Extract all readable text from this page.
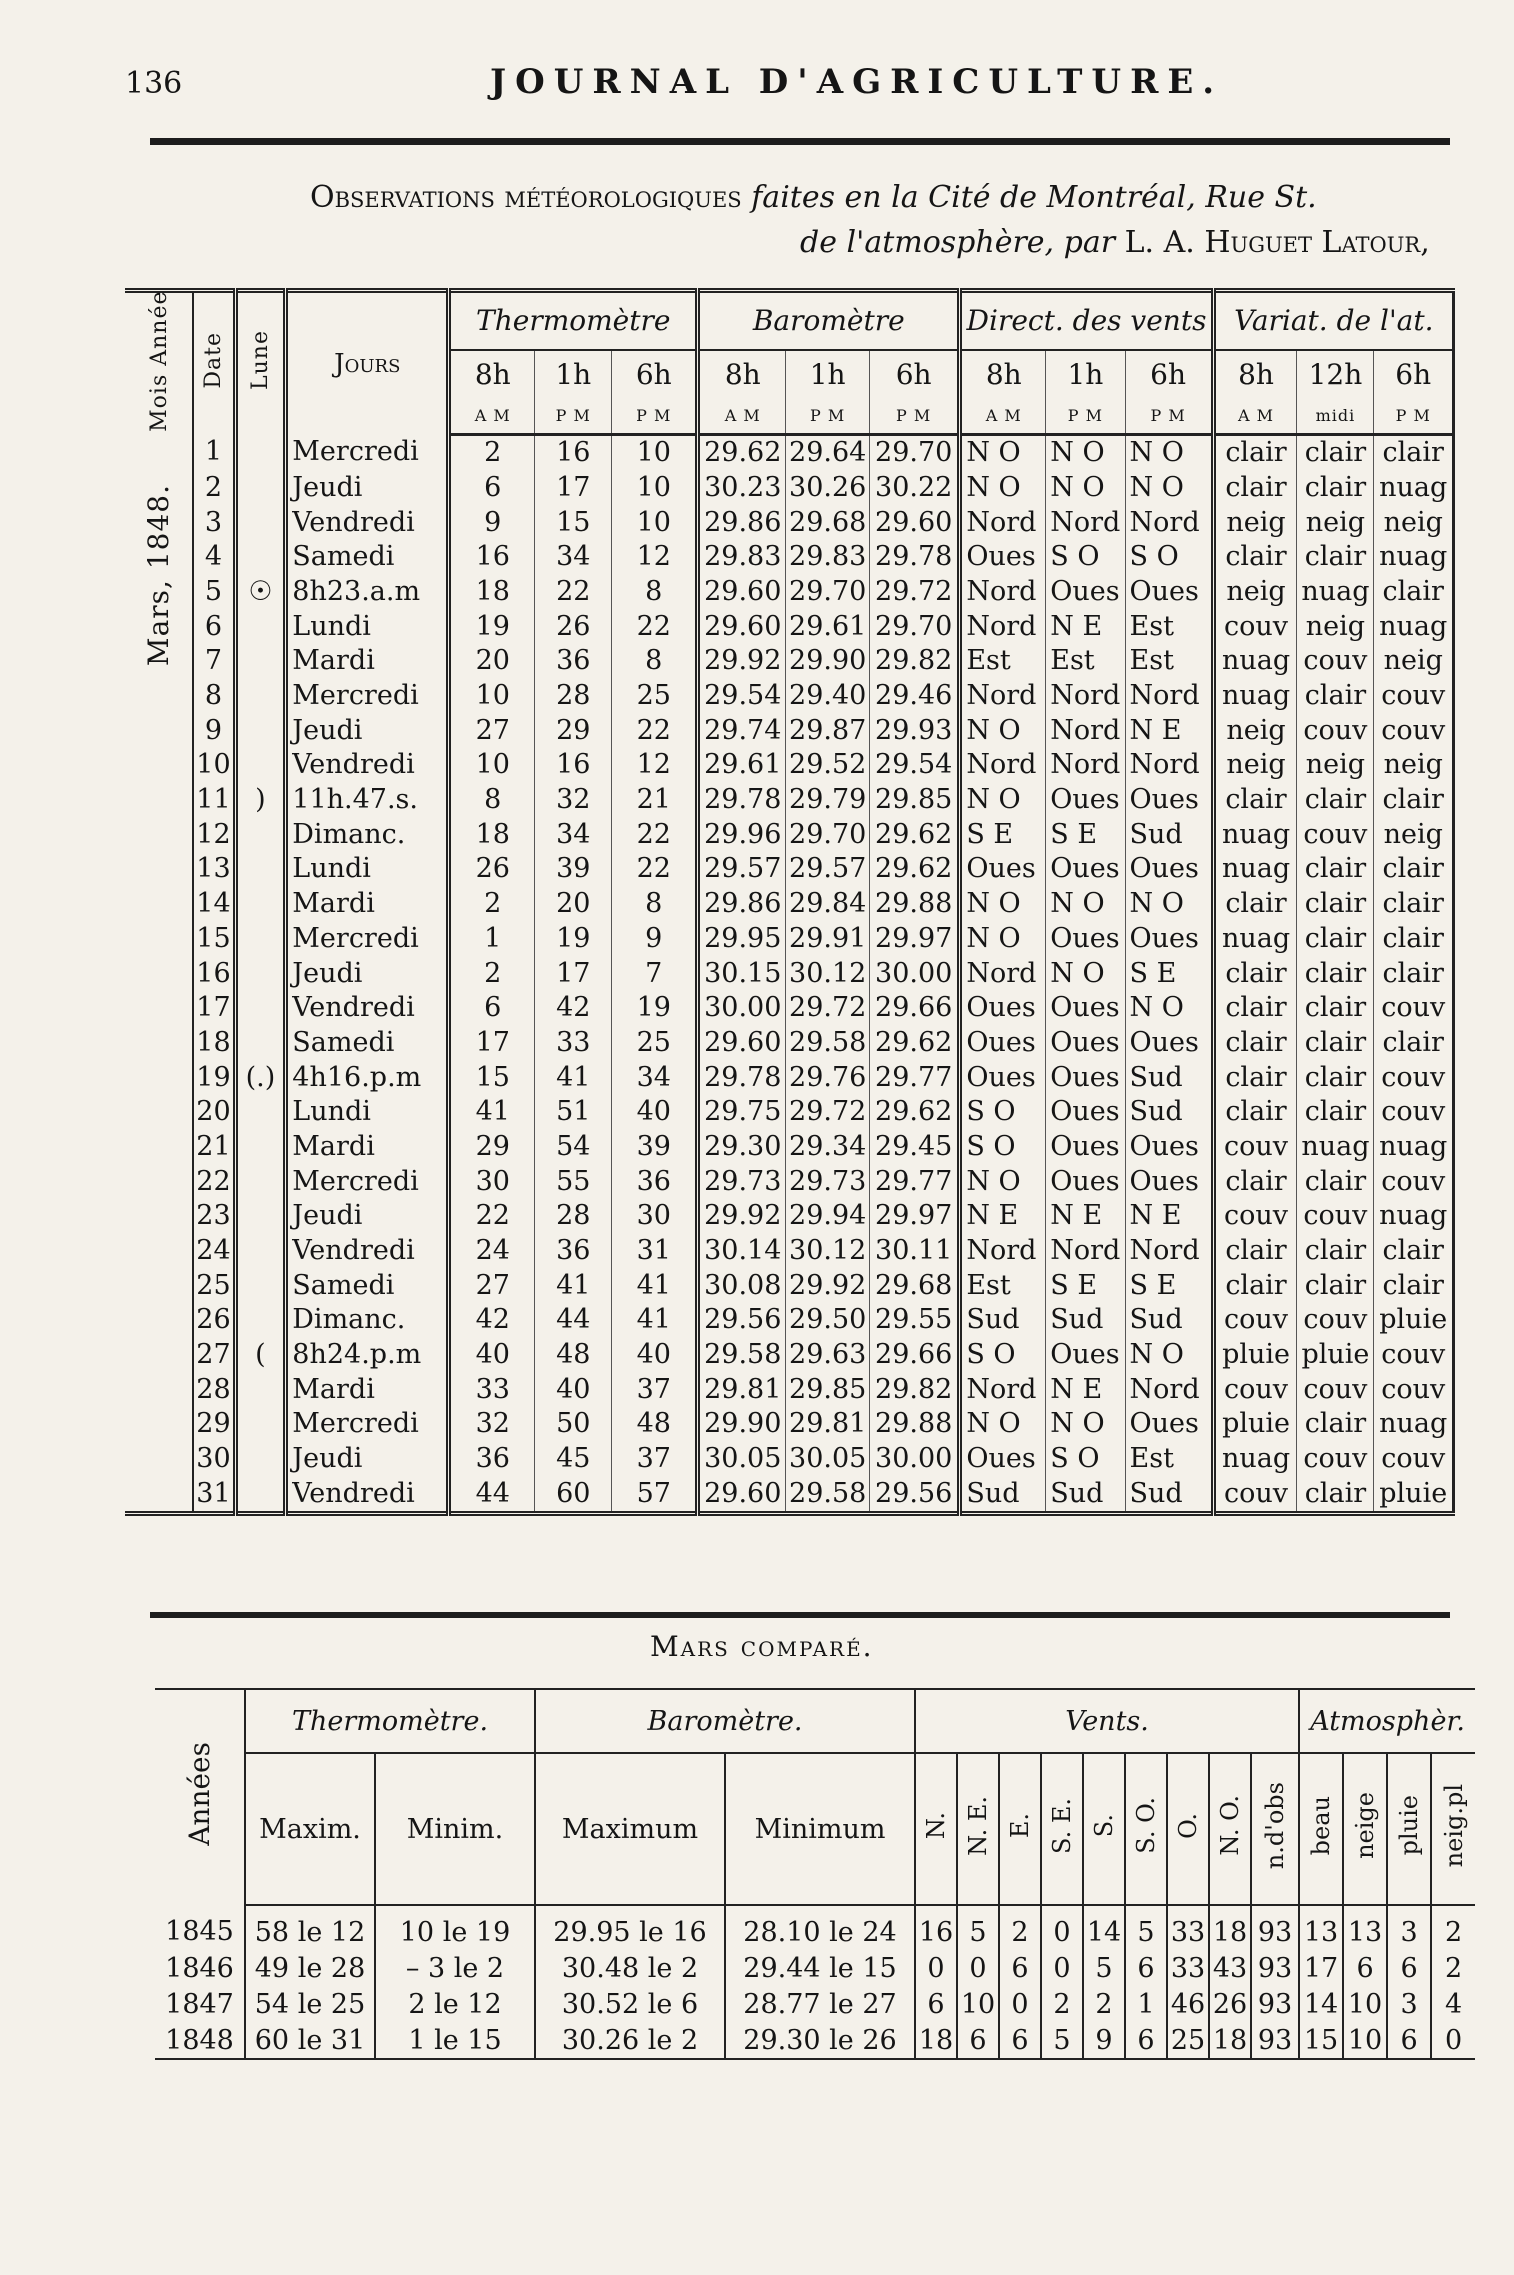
136	JOURNAL D'AGRICULTURE.
Observations météorologiques faites en la Cité de Montréal, Rue St.
de l'atmosphère, par L. A. Huguet Latour,
Mois Année	Date	Lune	Jours	Thermomètre			Baromètre			Direct. des vents			Variat. de l'at.		
				8h	1h	6h	8h	1h	6h	8h	1h	6h	8h	12h	6h
				A M	P M	P M	A M	P M	P M	A M	P M	P M	A M	midi	P M
Mars, 1848.	1		Mercredi	2	16	10	29.62	29.64	29.70	N O	N O	N O	clair	clair	clair
	2		Jeudi	6	17	10	30.23	30.26	30.22	N O	N O	N O	clair	clair	nuag
	3		Vendredi	9	15	10	29.86	29.68	29.60	Nord	Nord	Nord	neig	neig	neig
	4		Samedi	16	34	12	29.83	29.83	29.78	Oues	S O	S O	clair	clair	nuag
	5	☉	8h23.a.m	18	22	8	29.60	29.70	29.72	Nord	Oues	Oues	neig	nuag	clair
	6		Lundi	19	26	22	29.60	29.61	29.70	Nord	N E	Est	couv	neig	nuag
	7		Mardi	20	36	8	29.92	29.90	29.82	Est	Est	Est	nuag	couv	neig
	8		Mercredi	10	28	25	29.54	29.40	29.46	Nord	Nord	Nord	nuag	clair	couv
	9		Jeudi	27	29	22	29.74	29.87	29.93	N O	Nord	N E	neig	couv	couv
	10		Vendredi	10	16	12	29.61	29.52	29.54	Nord	Nord	Nord	neig	neig	neig
	11	)	11h.47.s.	8	32	21	29.78	29.79	29.85	N O	Oues	Oues	clair	clair	clair
	12		Dimanc.	18	34	22	29.96	29.70	29.62	S E	S E	Sud	nuag	couv	neig
	13		Lundi	26	39	22	29.57	29.57	29.62	Oues	Oues	Oues	nuag	clair	clair
	14		Mardi	2	20	8	29.86	29.84	29.88	N O	N O	N O	clair	clair	clair
	15		Mercredi	1	19	9	29.95	29.91	29.97	N O	Oues	Oues	nuag	clair	clair
	16		Jeudi	2	17	7	30.15	30.12	30.00	Nord	N O	S E	clair	clair	clair
	17		Vendredi	6	42	19	30.00	29.72	29.66	Oues	Oues	N O	clair	clair	couv
	18		Samedi	17	33	25	29.60	29.58	29.62	Oues	Oues	Oues	clair	clair	clair
	19	(.)	4h16.p.m	15	41	34	29.78	29.76	29.77	Oues	Oues	Sud	clair	clair	couv
	20		Lundi	41	51	40	29.75	29.72	29.62	S O	Oues	Sud	clair	clair	couv
	21		Mardi	29	54	39	29.30	29.34	29.45	S O	Oues	Oues	couv	nuag	nuag
	22		Mercredi	30	55	36	29.73	29.73	29.77	N O	Oues	Oues	clair	clair	couv
	23		Jeudi	22	28	30	29.92	29.94	29.97	N E	N E	N E	couv	couv	nuag
	24		Vendredi	24	36	31	30.14	30.12	30.11	Nord	Nord	Nord	clair	clair	clair
	25		Samedi	27	41	41	30.08	29.92	29.68	Est	S E	S E	clair	clair	clair
	26		Dimanc.	42	44	41	29.56	29.50	29.55	Sud	Sud	Sud	couv	couv	pluie
	27	(	8h24.p.m	40	48	40	29.58	29.63	29.66	S O	Oues	N O	pluie	pluie	couv
	28		Mardi	33	40	37	29.81	29.85	29.82	Nord	N E	Nord	couv	couv	couv
	29		Mercredi	32	50	48	29.90	29.81	29.88	N O	N O	Oues	pluie	clair	nuag
	30		Jeudi	36	45	37	30.05	30.05	30.00	Oues	S O	Est	nuag	couv	couv
	31		Vendredi	44	60	57	29.60	29.58	29.56	Sud	Sud	Sud	couv	clair	pluie
Mars comparé.
Années	Thermomètre.		Baromètre.		Vents.									Atmosphèr.			
	Maxim.	Minim.	Maximum	Minimum	N.	N. E.	E.	S. E.	S.	S. O.	O.	N. O.	n.d'obs	beau	neige	pluie	neig.pl
1845	58 le 12	10 le 19	29.95 le 16	28.10 le 24	16	5	2	0	14	5	33	18	93	13	13	3	2
1846	49 le 28	– 3 le 2	30.48 le 2	29.44 le 15	0	0	6	0	5	6	33	43	93	17	6	6	2
1847	54 le 25	2 le 12	30.52 le 6	28.77 le 27	6	10	0	2	2	1	46	26	93	14	10	3	4
1848	60 le 31	1 le 15	30.26 le 2	29.30 le 26	18	6	6	5	9	6	25	18	93	15	10	6	0
